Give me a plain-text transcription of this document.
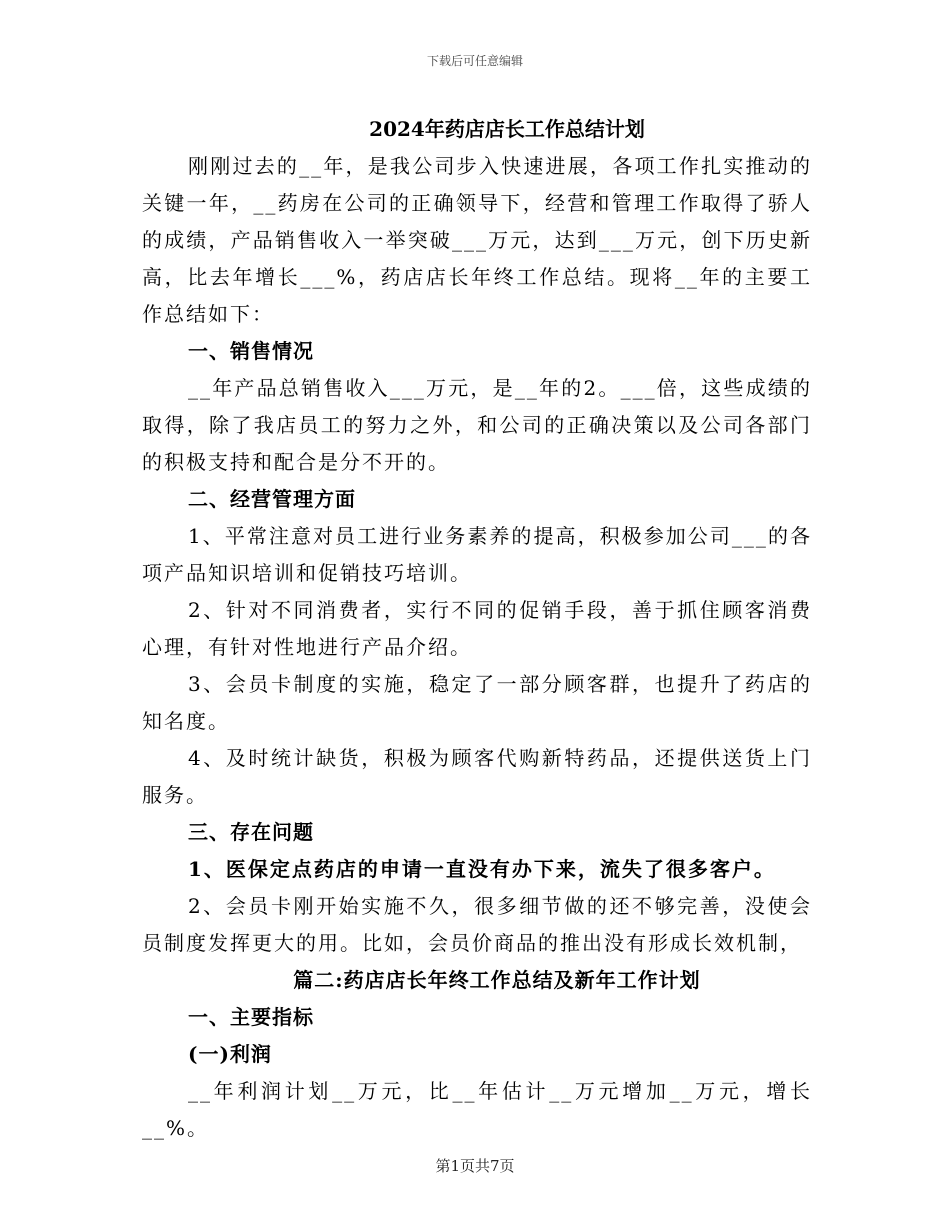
下载后可任意编辑
2024年药店店长工作总结计划

刚刚过去的__年，是我公司步入快速进展，各项工作扎实推动的关键一年，__药房在公司的正确领导下，经营和管理工作取得了骄人的成绩，产品销售收入一举突破___万元，达到___万元，创下历史新高，比去年增长___%，药店店长年终工作总结。现将__年的主要工作总结如下：

一、销售情况

__年产品总销售收入___万元，是__年的2。___倍，这些成绩的取得，除了我店员工的努力之外，和公司的正确决策以及公司各部门的积极支持和配合是分不开的。

二、经营管理方面

1、平常注意对员工进行业务素养的提高，积极参加公司___的各项产品知识培训和促销技巧培训。

2、针对不同消费者，实行不同的促销手段，善于抓住顾客消费心理，有针对性地进行产品介绍。

3、会员卡制度的实施，稳定了一部分顾客群，也提升了药店的知名度。

4、及时统计缺货，积极为顾客代购新特药品，还提供送货上门服务。

三、存在问题

1、医保定点药店的申请一直没有办下来，流失了很多客户。

2、会员卡刚开始实施不久，很多细节做的还不够完善，没使会员制度发挥更大的用。比如，会员价商品的推出没有形成长效机制，

篇二:药店店长年终工作总结及新年工作计划

一、主要指标

(一)利润

__年利润计划__万元，比__年估计__万元增加__万元，增长__%。

第1页共7页
